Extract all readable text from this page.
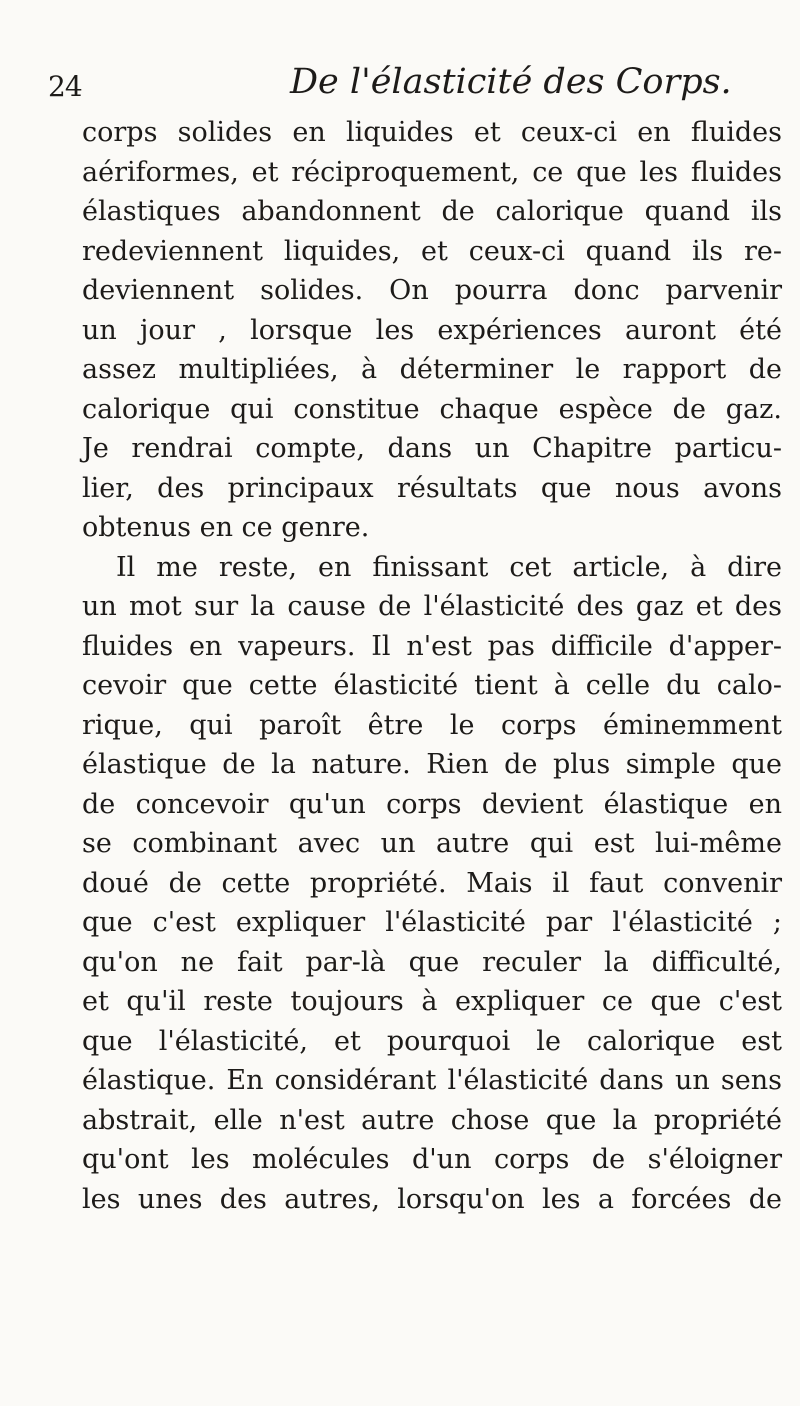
24	De l'élasticité des Corps.
corps solides en liquides et ceux-ci en fluides
aériformes, et réciproquement, ce que les fluides
élastiques abandonnent de calorique quand ils
redeviennent liquides, et ceux-ci quand ils re-
deviennent solides. On pourra donc parvenir
un jour , lorsque les expériences auront été
assez multipliées, à déterminer le rapport de
calorique qui constitue chaque espèce de gaz.
Je rendrai compte, dans un Chapitre particu-
lier, des principaux résultats que nous avons
obtenus en ce genre.
Il me reste, en finissant cet article, à dire
un mot sur la cause de l'élasticité des gaz et des
fluides en vapeurs. Il n'est pas difficile d'apper-
cevoir que cette élasticité tient à celle du calo-
rique, qui paroît être le corps éminemment
élastique de la nature. Rien de plus simple que
de concevoir qu'un corps devient élastique en
se combinant avec un autre qui est lui-même
doué de cette propriété. Mais il faut convenir
que c'est expliquer l'élasticité par l'élasticité ;
qu'on ne fait par-là que reculer la difficulté,
et qu'il reste toujours à expliquer ce que c'est
que l'élasticité, et pourquoi le calorique est
élastique. En considérant l'élasticité dans un sens
abstrait, elle n'est autre chose que la propriété
qu'ont les molécules d'un corps de s'éloigner
les unes des autres, lorsqu'on les a forcées de
